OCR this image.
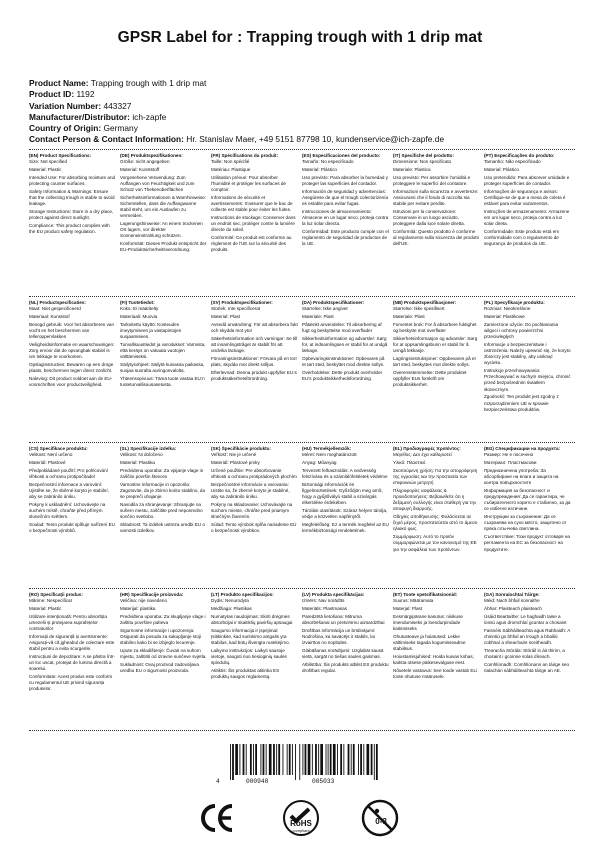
GPSR Label for : Trapping trough with 1 drip mat
Product Name: Trapping trough with 1 drip mat
Product ID: 1192
Variation Number: 443327
Manufacturer/Distributor: ich-zapfe
Country of Origin: Germany
Contact Person & Contact Information: Hr. Stanislav Maer, +49 5151 87798 10, kundenservice@ich-zapfe.de
(EN) Product Specifications:

Size: Not specified

Material: Plastic

Intended Use: For absorbing moisture and protecting counter surfaces.

Safety Information & Warnings: Ensure that the collecting trough is stable to avoid leakage.

Storage Instructions: Store in a dry place, protect against direct sunlight.

Compliance: This product complies with the EU product safety regulation.

(DE) Produktspezifikationen:

Größe: nicht angegeben

Material: Kunststoff

Vorgesehene Verwendung: Zum Auffangen von Feuchtigkeit und zum Schutz von Thekenoberflächen

Sicherheitsinformationen & Warnhinweise: Sicherstellen, dass die Auffangwanne stabil steht, um ein Auslaufen zu vermeiden.

Lagerungshinweise: An einem trockenen Ort lagern, vor direkter Sonneneinstrahlung schützen.

Konformität: Dieses Produkt entspricht der EU-Produktsicherheitsverordnung.

(FR) Spécifications du produit:

Taille: Non spécifié

Matériau: Plastique

Utilisation prévue: Pour absorber l'humidité et protéger les surfaces de comptoir.

Informations de sécurité et avertissements: S'assurer que le bac de collecte est stable pour éviter les fuites.

Instructions de stockage: Conserver dans un endroit sec, protéger contre la lumière directe du soleil.

Conformité: Ce produit est conforme au règlement de l'UE sur la sécurité des produits.

(ES) Especificaciones del producto:

Tamaño: No especificado

Material: Plástico

Uso previsto: Para absorber la humedad y proteger las superficies del contador.

Información de seguridad y advertencias: Asegúrese de que el trough colectorizenía es estable para evitar fugas.

Instrucciones de almacenamiento: Almacene en un lugar seco, proteja contra la luz solar directa.

Conformidad: Este producto cumple con el reglamento de seguridad de productos de la UE.

(IT) Specifiche del prodotto:

Dimensione: Non specificato

Materiale: Plastica

Uso previsto: Per assorbire l'umidità e proteggere le superfici del contatore.

Informazioni sulla sicurezza e avvertenze: Assicurarsi che il fondo di raccolta sia stabile per evitare perdite.

Istruzioni per la conservazione: Conservare in un luogo asciutto, proteggere dalla luce solare diretta.

Conformità: Questo prodotto è conforme al regolamento sulla sicurezza dei prodotti dell'UE.

(PT) Especificações do produto:

Tamanho: Não especificado

Material: Plástico

Uso pretendido: Para absorver umidade e proteger superfícies de contador.

Informações de segurança e avisos: Certifique-se de que a mesa de coleta é estável para evitar vazamentos.

Instruções de armazenamento: Armazene em um lugar seco, proteja contra a luz solar direta.

Conformidade: Este produto está em conformidade com o regulamento de segurança de produtos da UE.

(NL) Productspecificaties:

Maat: Niet gespecificeerd

Materiaal: Kunststof

Beoogd gebruik: Voor het absorberen van vocht en het beschermen van telleroppervlakken

Veiligheidsinformatie en waarschuwingen: Zorg ervoor dat de opvangbak stabiel is om lekkage te voorkomen.

Opslaginstructies: Bewaren op een droge plaats, beschermen tegen direct zonlicht.

Naleving: Dit product voldoet aan de EU-voorschriften voor productveiligheid.

(FI) Tuotetiedot:

Koko: Ei määritelty

Materiaali: Muovia

Tarkoitettu käyttö: Kosteuden imeytymiseen ja vastapintojen suojaamiseen.

Turvallisuustiedot ja varoitukset: Varmista, että keräys on vakaata vuotojen välttämiseksi.

Säilytysohjeet: Säilytä kuivassa paikassa, suojaa suoralta auringonvalolta.

Yhteensopivuus: Tämä tuote vastaa EU:n tuoteturvallisuusasetusta.

(SV) Produktspecifikationer:

Storlek: Inte specificerat

Material: Plast

Avsedd användning: För att absorbera fukt och skydda mot ytor

Säkerhetsinformation och varningar: Se till att insamlingstråget är stabilt för att undvika läckage.

Förvaringsinstruktioner: Förvara på en torr plats, skydda mot direkt solljus.

Efterlevnad: Denna produkt uppfyller EU:s produktsäkerhetsförordning.

(DA) Produktspecifikationer:

Størrelse: Ikke angivet

Materiale: Plast

Påtænkt anvendelse: Til absorbering af fugt og beskyttelse mod overflader

Sikkerhedsinformation og advarsler: Sørg for, at indsamlingsen er stabil for at undgå lækage.

Opbevaringsinstruktioner: Opbevares på et tørt sted, beskyttet mod direkte sollys.

Overholdelse: Dette produkt overholder EU's produktsikkerhedsforordning.

(NB) Produktspesifikasjoner:

Størrelse: Ikke spesifisert

Materiale: Plast

Forventet bruk: For å absorbere fuktighet og beskytte mot overflater

Sikkerhetsinformasjon og advarsler: Sørg for at oppsamlingsbunn er stabil for å unngå lekkasje.

Lagringsinstruksjoner: Oppbevares på et tørt sted, beskyttes mot direkte sollys.

Overensstemmelse: Dette produktet oppfyller EUs forskrift om produktsikkerhet.

(PL) Specyfikacje produktu:

Rozmiar: Nieokreślone

Materiał: Plastikowe

Zamierzone użycie: Do pochłaniania wilgoci i ochrony powierzchni przeciwległych

Informacje o bezpieczeństwie i ostrzeżenia: Należy upewnić się, że koryto zbiorczy jest stabilny, aby uniknąć wycieku.

Instrukcje przechowywania: Przechowywać w suchym miejscu, chronić przed bezpośrednim światłem słonecznym.

Zgodność: Ten produkt jest zgodny z rozporządzeniem UE w sprawie bezpieczeństwa produktów.

(CS) Specifikace produktu:

Velikost: Není určeno

Materiál: Plastové

Předpokládané použití: Pro pohlcování vlhkosti a ochranu protipočítadel

Bezpečnostní informace a varování: Ujistěte se, že sběrné koryto je stabilní, aby se zabránilo úniku.

Pokyny k uskladnění: Uchovávejte na suchém místě, chraňte před přímým slunečním světlem.

Soulad: Tento produkt splňuje nařízení EU o bezpečnosti výrobků.

(SL) Specifikacije izdelka:

Velikost: Ni določeno

Material: Plastika

Predvidena uporaba: Za vpijanje vlage in zaščito površin števcev

Varnostne informacije in opozorila: Zagotovite, da je zbirno korito stabilno, da se prepreči uhajanje.

Navodila za shranjevanje: Shranjujte na suhem mestu, zaščitite pred neposredno sončno svetlobo.

Skladnost: Ta izdelek ustreza uredbi EU o varnosti izdelkov.

(SK) Špecifikácie produktu:

Veľkosť: Nie je určené

Materiál: Plastové prvky

Určené použitie: Pre absorbovanie vlhkosti a ochranu protiprádových plochím

Bezpečnostné informácie a varovania: Uistite sa, že zberné koryto je stabilné, aby sa zabránilo úniku.

Pokyny na skladovanie: Uchovávajte na suchom mieste, chráňte pred priamym slnečným žiarením.

Súlad: Tento výrobok spĺňa nariadenie EÚ o bezpečnosti výrobkov.

(HU) Termékjellemzők:

Méret: Nem meghatározott

Anyag: Műanyag

Tervezett felhasználás: A nedvesség felszívása és a számlálófelületek védelme

Biztonsági információk és figyelmeztetések: Győződjön meg arról, hogy a gyűjtővályú stabil a szivárgás elkerülése érdekében.

Tárolási utasítások: Száraz helyen tárolja, védje a közvetlen napfénytől.

Megfelelőség: Ez a termék megfelel az EU termékbiztonsági rendeletének.

(EL) Προδιαγραφές προϊόντος:

Μέγεθος: Δεν έχει καθοριστεί

Υλικό: Πλαστικό

Σκοπούμενη χρήση: Για την απορρόφηση της υγρασίας και την προστασία των επιφανειών μετρητή

Πληροφορίες ασφάλειας & προειδοποιήσεις: Βεβαιωθείτε ότι η δεξαμενή συλλογής είναι σταθερή για την αποφυγή διαρροής.

Οδηγίες αποθήκευσης: Φυλάσσεται σε ξηρό μέρος, προστατεύεται από το άμεσο ηλιακό φως.

Συμμόρφωση: Αυτό το προϊόν συμμορφώνεται με τον κανονισμό της ΕΕ για την ασφάλεια των προϊόντων.

(BG) Спецификации на продукта:

Размер: Не е посочено

Материал: Пластмасови

Предназначена употреба: За абсорбиране на влага и защита на контра повърхностите

Информация за безопасност и предупреждения: Да се гарантира, че събирателното корито е стабилно, за да се избегне изтичане.

Инструкции за съхранение: Да се съхранява на сухо място, защитено от пряка слънчева светлина.

Съответствие: Този продукт отговаря на регламента на ЕС за безопасност на продуктите.

(RO) Specificații produs:

Mărime: Nespecificat

Material: Plastic

Utilizare intenționată: Pentru absorbția umezelii și protejarea suprafețelor contraturilor

Informații de siguranță și avertismente: Asigurați-vă că jgheabul de colectare este stabil pentru a evita scurgerile.

Instrucțiuni de depozitare: A se păstra într-un loc uscat, protejat de lumina directă a soarelui.

Conformitate: Acest produs este conform cu regulamentul UE privind siguranța produselor.

(HR) Specifikacije proizvoda:

Veličina: nije navedeno

Materijal: plastika

Predviđena uporaba: Za skupljanje vlage i zaštitu površine pulteva

Sigurnosne informacije i upozorenja: Osigurati da posuda za sakupljanje stoji stabilno kako bi se izbjeglo lecurenje.

Upute za skladištenje: Čuvati na suhom mjestu, zaštititi od izravne sunčeve svjetla.

Sukladnost: Ovaj proizvod zadovoljava uredbu EU o sigurnosti proizvoda.

(LT) Produkto specifikacijos:

Dydis: Nenurodyta

Medžiaga: Plastikas

Numatytas naudojimas: Skirti drėgmės absorbcijai ir skaitiklių paviršių apsaugai

Saugumo informacija ir įspėjimai: Įsitikinkite, kad surinkimo antgalis yra stabilus, kad būtų išvengta nutekėjimo.

Laikymo instrukcijos: Laikyti sausoje vietoje, saugoti nuo tiesioginių saulės spindulių.

Atitiktis: Šis produktas atitinka ES produktų saugos reglamentą.

(LV) Produkta specifikācijas:

Izmērs: Nav norādīts

Materiāls: Plastmasas

Paredzētā lietošana: Mitruma absorbēšanai un pretvirsmu aizsardzībai

Drošības informācija un brīdinājumi: Nodrošina, ka savācējs ir stabils, lai izvairītos no noplūdes.

Glabāšanas norādījumi: Uzglabāt sausā vietā, sargāt no tiešas saules gaismas.

Atbilstība: Šis produkts atbilst ES produktu drošības regulai.

(ET) Toote spetsifikatsioonid:

Suurus: Määramata

Materjal: Plast

Eesmärgipärane kasutus: niiskuse imendumiseks ja loendurpindade kaitsmiseks

Ohutusteave ja hoiatused: Lekke vältimiseks tagada kogumisseadme stabiilsus.

Hoiustamisjuhised: Hoida kuivas kohas, kaitsta otsese päikesevalguse eest.

Nõuetele vastavus: See toode vastab ELi toote ohutuse määrusele.

(GA) Sonraíochtaí Táirge:

Méid: Nach bhfuil sonraithe

Ábhar: Plaisteach plaisteach

Úsáid Beartaithe: Le haghaidh taise a ionsú agus dromchlaí gcuntar a chosaint

Faisnéis Sábháilteachta agus Rabhaidh: A chinntiú go bhfuil an trough a bhailiú cobhsaí a sheachaint sceitheadh.

Treoracha Stórála: Stóráil in áit thirim, a chosaint i gcoinne solas díreach.

Comhlíonadh: Comhlíonann an táirge seo rialachán sábháilteachta táirge an AE.

4	000948	005033
RoHS
compliant
0-3
